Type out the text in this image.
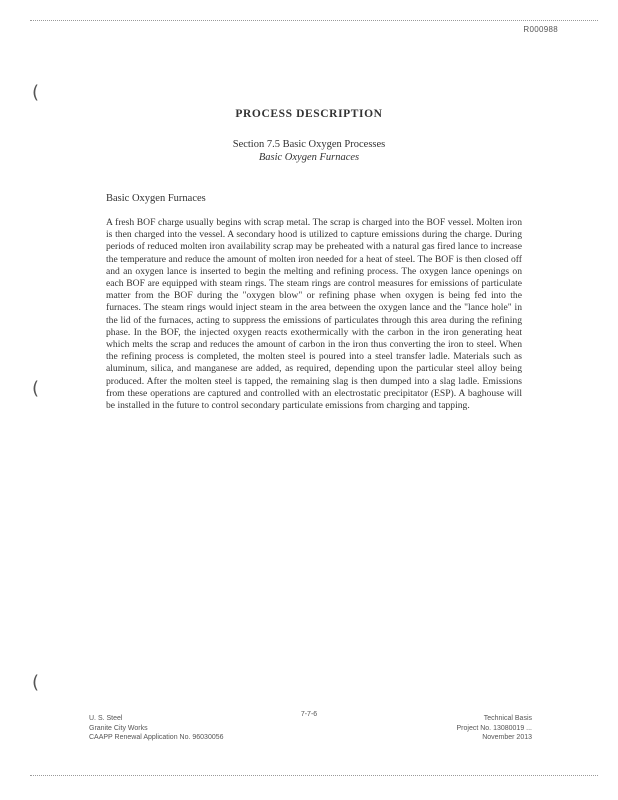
R000988
(
(
(
PROCESS DESCRIPTION
Section 7.5 Basic Oxygen Processes
Basic Oxygen Furnaces
Basic Oxygen Furnaces
A fresh BOF charge usually begins with scrap metal. The scrap is charged into the BOF vessel. Molten iron is then charged into the vessel. A secondary hood is utilized to capture emissions during the charge. During periods of reduced molten iron availability scrap may be preheated with a natural gas fired lance to increase the temperature and reduce the amount of molten iron needed for a heat of steel. The BOF is then closed off and an oxygen lance is inserted to begin the melting and refining process. The oxygen lance openings on each BOF are equipped with steam rings. The steam rings are control measures for emissions of particulate matter from the BOF during the "oxygen blow" or refining phase when oxygen is being fed into the furnaces. The steam rings would inject steam in the area between the oxygen lance and the "lance hole" in the lid of the furnaces, acting to suppress the emissions of particulates through this area during the refining phase. In the BOF, the injected oxygen reacts exothermically with the carbon in the iron generating heat which melts the scrap and reduces the amount of carbon in the iron thus converting the iron to steel. When the refining process is completed, the molten steel is poured into a steel transfer ladle. Materials such as aluminum, silica, and manganese are added, as required, depending upon the particular steel alloy being produced. After the molten steel is tapped, the remaining slag is then dumped into a slag ladle. Emissions from these operations are captured and controlled with an electrostatic precipitator (ESP). A baghouse will be installed in the future to control secondary particulate emissions from charging and tapping.
U. S. Steel
Granite City Works
CAAPP Renewal Application No. 96030056
7-7-6
Technical Basis
Project No. 13080019 ...
November 2013
